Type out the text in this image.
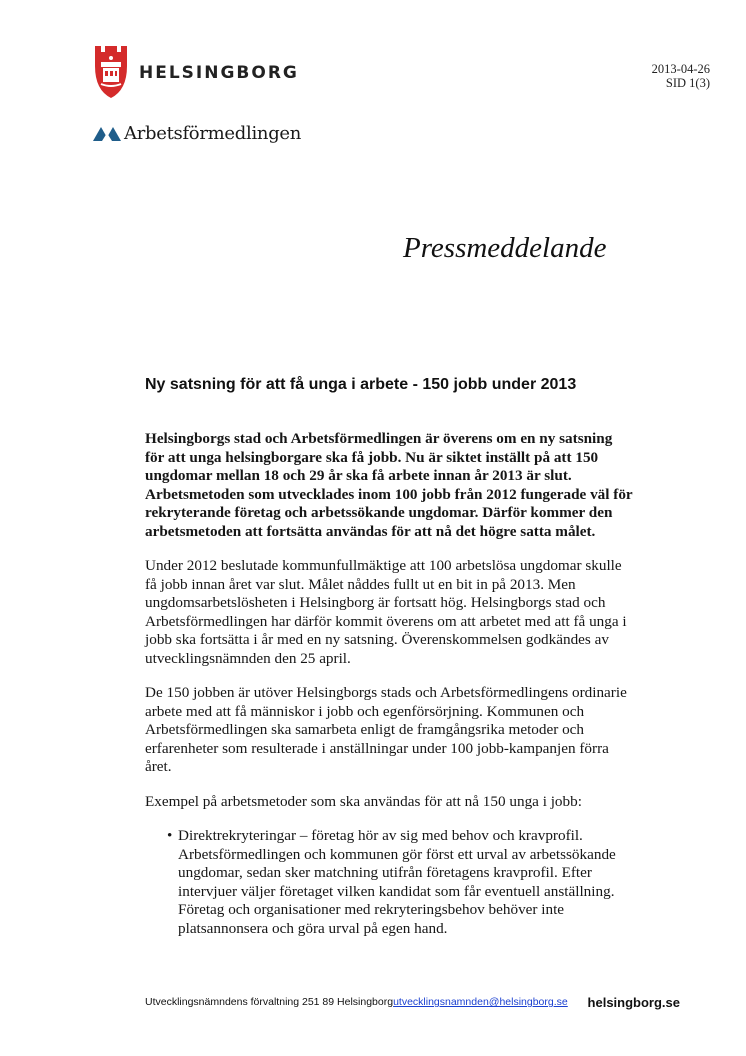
HELSINGBORG
Arbetsförmedlingen
2013-04-26
SID 1(3)
Pressmeddelande
Ny satsning för att få unga i arbete - 150 jobb under 2013

Helsingborgs stad och Arbetsförmedlingen är överens om en ny satsning för att unga helsingborgare ska få jobb. Nu är siktet inställt på att 150 ungdomar mellan 18 och 29 år ska få arbete innan år 2013 är slut. Arbetsmetoden som utvecklades inom 100 jobb från 2012 fungerade väl för rekryterande företag och arbetssökande ungdomar. Därför kommer den arbetsmetoden att fortsätta användas för att nå det högre satta målet.

Under 2012 beslutade kommunfullmäktige att 100 arbetslösa ungdomar skulle få jobb innan året var slut. Målet nåddes fullt ut en bit in på 2013. Men ungdomsarbetslösheten i Helsingborg är fortsatt hög. Helsingborgs stad och Arbetsförmedlingen har därför kommit överens om att arbetet med att få unga i jobb ska fortsätta i år med en ny satsning. Överenskommelsen godkändes av utvecklingsnämnden den 25 april.

De 150 jobben är utöver Helsingborgs stads och Arbetsförmedlingens ordinarie arbete med att få människor i jobb och egenförsörjning. Kommunen och Arbetsförmedlingen ska samarbeta enligt de framgångsrika metoder och erfarenheter som resulterade i anställningar under 100 jobb-kampanjen förra året.

Exempel på arbetsmetoder som ska användas för att nå 150 unga i jobb:

• Direktrekryteringar – företag hör av sig med behov och kravprofil. Arbetsförmedlingen och kommunen gör först ett urval av arbetssökande ungdomar, sedan sker matchning utifrån företagens kravprofil. Efter intervjuer väljer företaget vilken kandidat som får eventuell anställning. Företag och organisationer med rekryteringsbehov behöver inte platsannonsera och göra urval på egen hand.
Utvecklingsnämndens förvaltning 251 89 Helsingborgutvecklingsnamnden@helsingborg.se helsingborg.se
